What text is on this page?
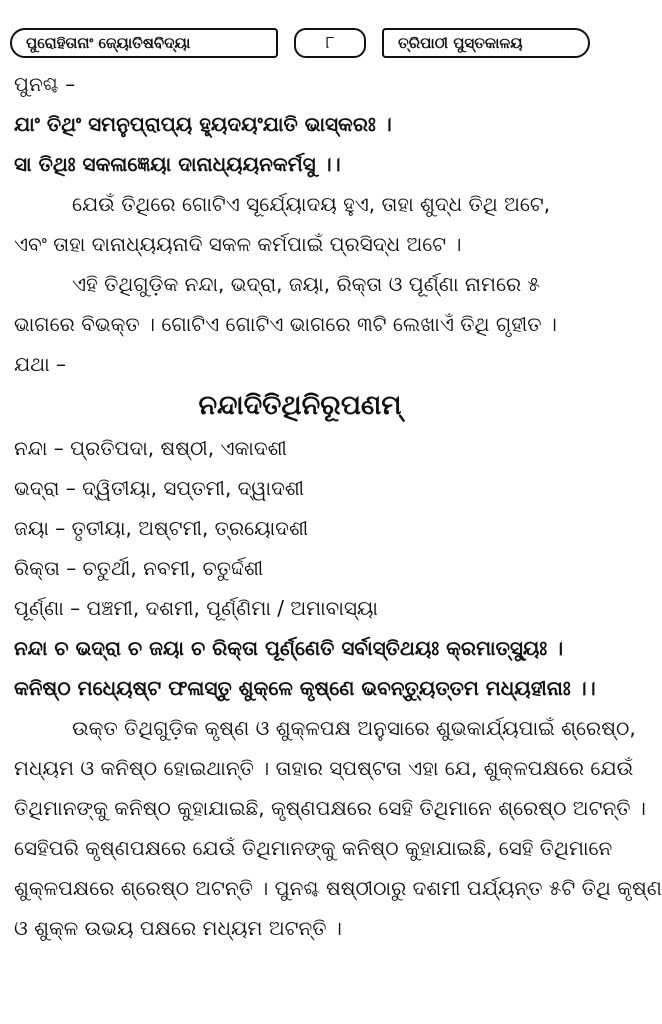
ପୁରୋହିତାନାଂ ଜ୍ୟୋତିଷବିଦ୍ୟା	୮	ତ୍ରିପାଠୀ ପୁସ୍ତକାଳୟ
ପୁନଶ୍ଚ –
ଯାଂ ତିଥିଂ ସମନୁପ୍ରାପ୍ୟ ହ୍ୟୁଦୟଂଯାତି ଭାସ୍କରଃ ।
ସା ତିଥିଃ ସକଳାଜ୍ଞେୟା ଦାନାଧ୍ୟୟନକର୍ମସୁ ।।
ଯେଉଁ ତିଥିରେ ଗୋଟିଏ ସୂର୍ଯ୍ୟୋଦୟ ହୁଏ, ତାହା ଶୁଦ୍ଧ ତିଥି ଅଟେ,
ଏବଂ ତାହା ଦାନାଧ୍ୟୟନାଦି ସକଳ କର୍ମପାଇଁ ପ୍ରସିଦ୍ଧ ଅଟେ ।
ଏହି ତିଥିଗୁଡ଼ିକ ନନ୍ଦା, ଭଦ୍ରା, ଜୟା, ରିକ୍ତା ଓ ପୂର୍ଣ୍ଣା ନାମରେ ୫
ଭାଗରେ ବିଭକ୍ତ । ଗୋଟିଏ ଗୋଟିଏ ଭାଗରେ ୩ଟି ଲେଖାଏଁ ତିଥି ଗୃହୀତ ।
ଯଥା –
ନନ୍ଦାଦିତିଥିନିରୂପଣମ୍
ନନ୍ଦା – ପ୍ରତିପଦା, ଷଷ୍ଠୀ, ଏକାଦଶୀ
ଭଦ୍ରା – ଦ୍ୱିତୀୟା, ସପ୍ତମୀ, ଦ୍ୱାଦଶୀ
ଜୟା – ତୃତୀୟା, ଅଷ୍ଟମୀ, ତ୍ରୟୋଦଶୀ
ରିକ୍ତା – ଚତୁର୍ଥୀ, ନବମୀ, ଚତୁର୍ଦ୍ଦଶୀ
ପୂର୍ଣ୍ଣା – ପଞ୍ଚମୀ, ଦଶମୀ, ପୂର୍ଣ୍ଣିମା / ଅମାବାସ୍ୟା
ନନ୍ଦା ଚ ଭଦ୍ରା ଚ ଜୟା ଚ ରିକ୍ତା ପୂର୍ଣ୍ଣେତି ସର୍ବାସ୍ତିଥୟଃ କ୍ରମାତ୍ସ୍ୟୁଃ ।
କନିଷ୍ଠ ମଧ୍ୟେଷ୍ଟ ଫଳାସ୍ତୁ ଶୁକ୍ଳେ କୃଷ୍ଣେ ଭବନ୍ତ୍ୟୁତ୍ତମ ମଧ୍ୟହୀନାଃ ।।
ଉକ୍ତ ତିଥିଗୁଡ଼ିକ କୃଷ୍ଣ ଓ ଶୁକ୍ଳପକ୍ଷ ଅନୁସାରେ ଶୁଭକାର୍ଯ୍ୟପାଇଁ ଶ୍ରେଷ୍ଠ,
ମଧ୍ୟମ ଓ କନିଷ୍ଠ ହୋଇଥାନ୍ତି । ତାହାର ସ୍ପଷ୍ଟତା ଏହା ଯେ, ଶୁକ୍ଳପକ୍ଷରେ ଯେଉଁ
ତିଥିମାନଙ୍କୁ କନିଷ୍ଠ କୁହାଯାଇଛି, କୃଷ୍ଣପକ୍ଷରେ ସେହି ତିଥିମାନେ ଶ୍ରେଷ୍ଠ ଅଟନ୍ତି ।
ସେହିପରି କୃଷ୍ଣପକ୍ଷରେ ଯେଉଁ ତିଥିମାନଙ୍କୁ କନିଷ୍ଠ କୁହାଯାଇଛି, ସେହି ତିଥିମାନେ
ଶୁକ୍ଳପକ୍ଷରେ ଶ୍ରେଷ୍ଠ ଅଟନ୍ତି । ପୁନଶ୍ଚ ଷଷ୍ଠୀଠାରୁ ଦଶମୀ ପର୍ଯ୍ୟନ୍ତ ୫ଟି ତିଥି କୃଷ୍ଣ
ଓ ଶୁକ୍ଳ ଉଭୟ ପକ୍ଷରେ ମଧ୍ୟମ ଅଟନ୍ତି ।
